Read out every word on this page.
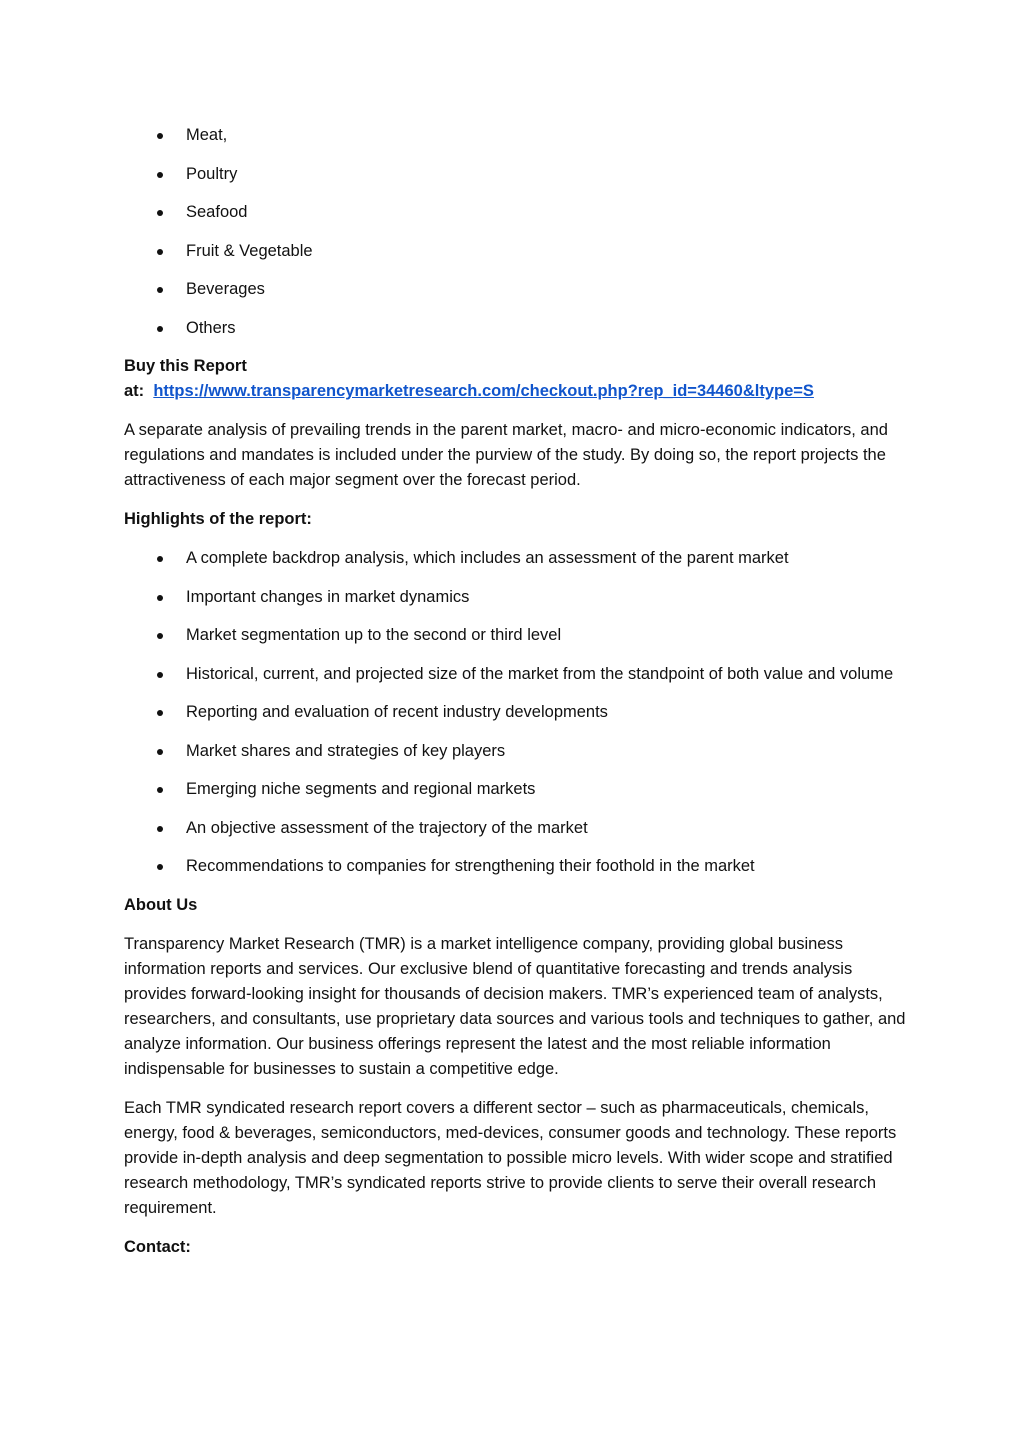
Meat,
Poultry
Seafood
Fruit & Vegetable
Beverages
Others
Buy this Report
at: https://www.transparencymarketresearch.com/checkout.php?rep_id=34460&ltype=S

A separate analysis of prevailing trends in the parent market, macro- and micro-economic indicators, and regulations and mandates is included under the purview of the study. By doing so, the report projects the attractiveness of each major segment over the forecast period.

Highlights of the report:

A complete backdrop analysis, which includes an assessment of the parent market
Important changes in market dynamics
Market segmentation up to the second or third level
Historical, current, and projected size of the market from the standpoint of both value and volume
Reporting and evaluation of recent industry developments
Market shares and strategies of key players
Emerging niche segments and regional markets
An objective assessment of the trajectory of the market
Recommendations to companies for strengthening their foothold in the market

About Us

Transparency Market Research (TMR) is a market intelligence company, providing global business information reports and services. Our exclusive blend of quantitative forecasting and trends analysis provides forward-looking insight for thousands of decision makers. TMR’s experienced team of analysts, researchers, and consultants, use proprietary data sources and various tools and techniques to gather, and analyze information. Our business offerings represent the latest and the most reliable information indispensable for businesses to sustain a competitive edge.

Each TMR syndicated research report covers a different sector – such as pharmaceuticals, chemicals, energy, food & beverages, semiconductors, med-devices, consumer goods and technology. These reports provide in-depth analysis and deep segmentation to possible micro levels. With wider scope and stratified research methodology, TMR’s syndicated reports strive to provide clients to serve their overall research requirement.

Contact:
